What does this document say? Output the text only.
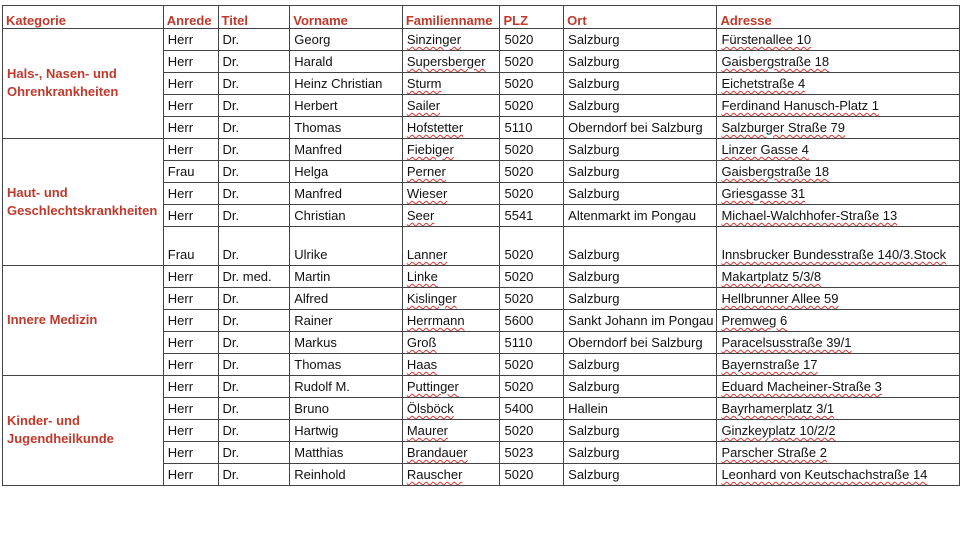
Kategorie	Anrede	Titel	Vorname	Familienname	PLZ	Ort	Adresse
Hals-, Nasen- und Ohrenkrankheiten	Herr	Dr.	Georg	Sinzinger	5020	Salzburg	Fürstenallee 10
	Herr	Dr.	Harald	Supersberger	5020	Salzburg	Gaisbergstraße 18
	Herr	Dr.	Heinz Christian	Sturm	5020	Salzburg	Eichetstraße 4
	Herr	Dr.	Herbert	Sailer	5020	Salzburg	Ferdinand Hanusch-Platz 1
	Herr	Dr.	Thomas	Hofstetter	5110	Oberndorf bei Salzburg	Salzburger Straße 79
Haut- und Geschlechtskrankheiten	Herr	Dr.	Manfred	Fiebiger	5020	Salzburg	Linzer Gasse 4
	Frau	Dr.	Helga	Perner	5020	Salzburg	Gaisbergstraße 18
	Herr	Dr.	Manfred	Wieser	5020	Salzburg	Griesgasse 31
	Herr	Dr.	Christian	Seer	5541	Altenmarkt im Pongau	Michael-Walchhofer-Straße 13
	Frau	Dr.	Ulrike	Lanner	5020	Salzburg	Innsbrucker Bundesstraße 140/3.Stock
Innere Medizin	Herr	Dr. med.	Martin	Linke	5020	Salzburg	Makartplatz 5/3/8
	Herr	Dr.	Alfred	Kislinger	5020	Salzburg	Hellbrunner Allee 59
	Herr	Dr.	Rainer	Herrmann	5600	Sankt Johann im Pongau	Premweg 6
	Herr	Dr.	Markus	Groß	5110	Oberndorf bei Salzburg	Paracelsusstraße 39/1
	Herr	Dr.	Thomas	Haas	5020	Salzburg	Bayernstraße 17
Kinder- und Jugendheilkunde	Herr	Dr.	Rudolf M.	Puttinger	5020	Salzburg	Eduard Macheiner-Straße 3
	Herr	Dr.	Bruno	Ölsböck	5400	Hallein	Bayrhamerplatz 3/1
	Herr	Dr.	Hartwig	Maurer	5020	Salzburg	Ginzkeyplatz 10/2/2
	Herr	Dr.	Matthias	Brandauer	5023	Salzburg	Parscher Straße 2
	Herr	Dr.	Reinhold	Rauscher	5020	Salzburg	Leonhard von Keutschachstraße 14
